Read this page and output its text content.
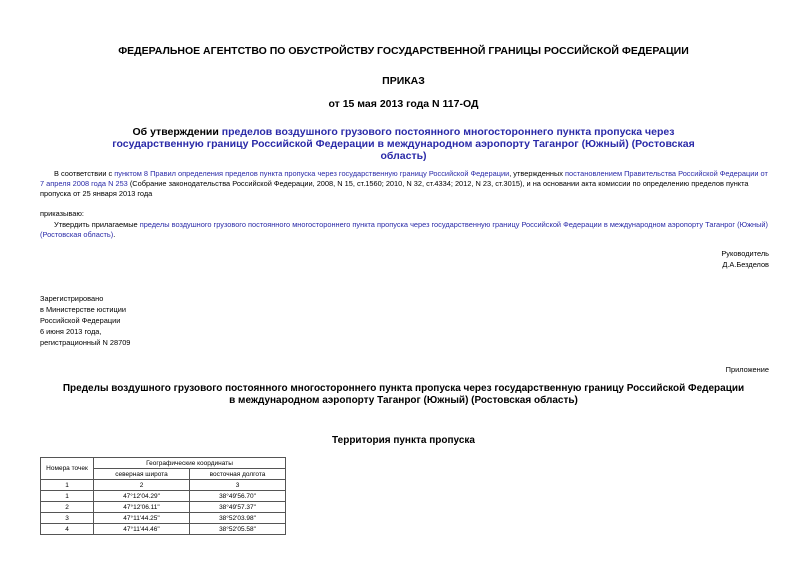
ФЕДЕРАЛЬНОЕ АГЕНТСТВО ПО ОБУСТРОЙСТВУ ГОСУДАРСТВЕННОЙ ГРАНИЦЫ РОССИЙСКОЙ ФЕДЕРАЦИИ
ПРИКАЗ
от 15 мая 2013 года N 117-ОД
Об утверждении пределов воздушного грузового постоянного многостороннего пункта пропуска через государственную границу Российской Федерации в международном аэропорту Таганрог (Южный) (Ростовская область)
В соответствии с пунктом 8 Правил определения пределов пункта пропуска через государственную границу Российской Федерации, утвержденных постановлением Правительства Российской Федерации от 7 апреля 2008 года N 253 (Собрание законодательства Российской Федерации, 2008, N 15, ст.1560; 2010, N 32, ст.4334; 2012, N 23, ст.3015), и на основании акта комиссии по определению пределов пункта пропуска от 25 января 2013 года
приказываю:
Утвердить прилагаемые пределы воздушного грузового постоянного многостороннего пункта пропуска через государственную границу Российской Федерации в международном аэропорту Таганрог (Южный) (Ростовская область).
Руководитель
Д.А.Безделов
Зарегистрировано
в Министерстве юстиции
Российской Федерации
6 июня 2013 года,
регистрационный N 28709
Приложение
Пределы воздушного грузового постоянного многостороннего пункта пропуска через государственную границу Российской Федерации в международном аэропорту Таганрог (Южный) (Ростовская область)
Территория пункта пропуска
Номера точек	Географические координаты	
	северная широта	восточная долгота
1	2	3
1	47°12'04.29"	38°49'56.70"
2	47°12'06.11"	38°49'57.37"
3	47°11'44.25"	38°52'03.98"
4	47°11'44.46"	38°52'05.58"
